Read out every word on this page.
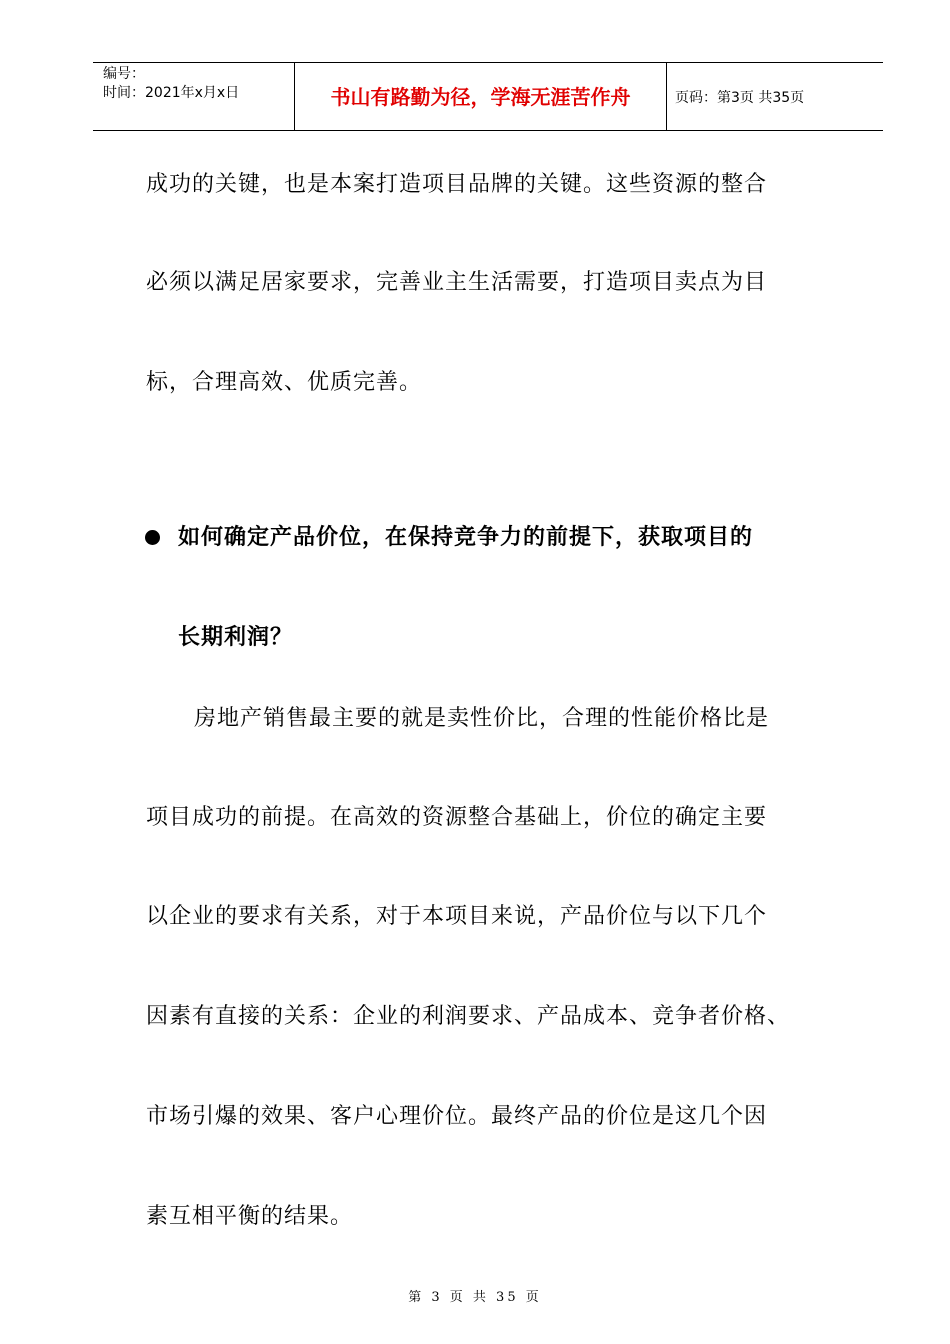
编号：
时间：2021年x月x日	书山有路勤为径，学海无涯苦作舟	页码：第3页 共35页
成功的关键，也是本案打造项目品牌的关键。这些资源的整合
必须以满足居家要求，完善业主生活需要，打造项目卖点为目
标，合理高效、优质完善。
如何确定产品价位，在保持竞争力的前提下，获取项目的
长期利润？
房地产销售最主要的就是卖性价比，合理的性能价格比是
项目成功的前提。在高效的资源整合基础上，价位的确定主要
以企业的要求有关系，对于本项目来说，产品价位与以下几个
因素有直接的关系：企业的利润要求、产品成本、竞争者价格、
市场引爆的效果、客户心理价位。最终产品的价位是这几个因
素互相平衡的结果。
第 3 页 共 35 页
